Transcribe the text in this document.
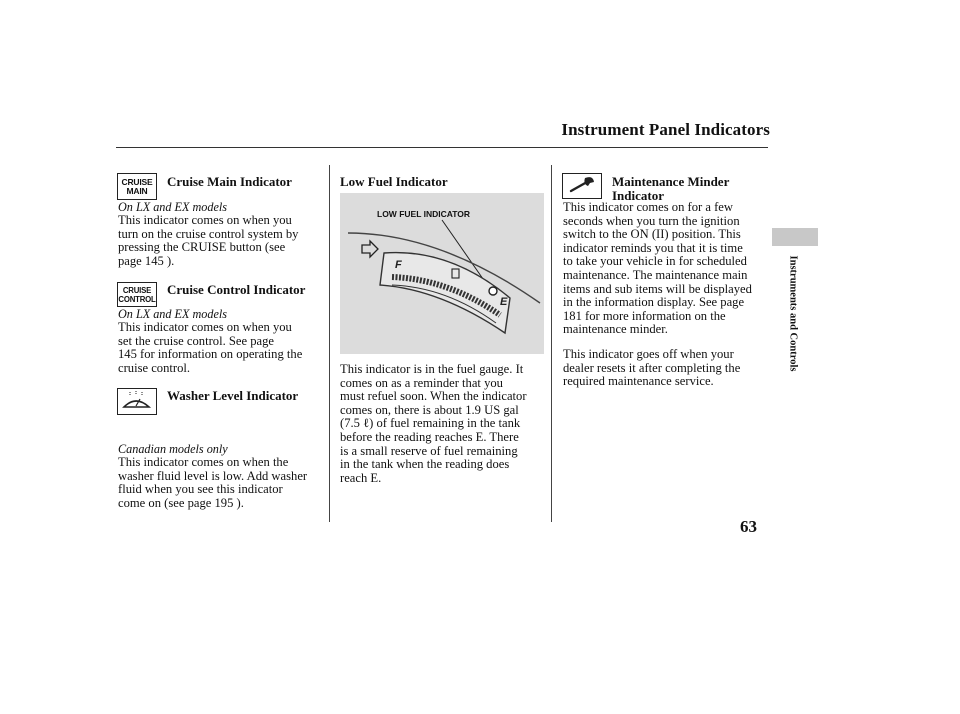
Instrument Panel Indicators
Instruments and Controls
CRUISE
MAIN
Cruise Main Indicator
On LX and EX models
This indicator comes on when you
turn on the cruise control system by
pressing the CRUISE button (see
page 145 ).
CRUISE
CONTROL
Cruise Control Indicator
On LX and EX models
This indicator comes on when you
set the cruise control. See page
145 for information on operating the
cruise control.
Washer Level Indicator
Canadian models only
This indicator comes on when the
washer fluid level is low. Add washer
fluid when you see this indicator
come on (see page 195 ).
Low Fuel Indicator
LOW FUEL INDICATOR
F
E
This indicator is in the fuel gauge. It
comes on as a reminder that you
must refuel soon. When the indicator
comes on, there is about 1.9 US gal
(7.5 ℓ) of fuel remaining in the tank
before the reading reaches E. There
is a small reserve of fuel remaining
in the tank when the reading does
reach E.
Maintenance Minder
Indicator
This indicator comes on for a few
seconds when you turn the ignition
switch to the ON (II) position. This
indicator reminds you that it is time
to take your vehicle in for scheduled
maintenance. The maintenance main
items and sub items will be displayed
in the information display. See page
181 for more information on the
maintenance minder.
This indicator goes off when your
dealer resets it after completing the
required maintenance service.
63
